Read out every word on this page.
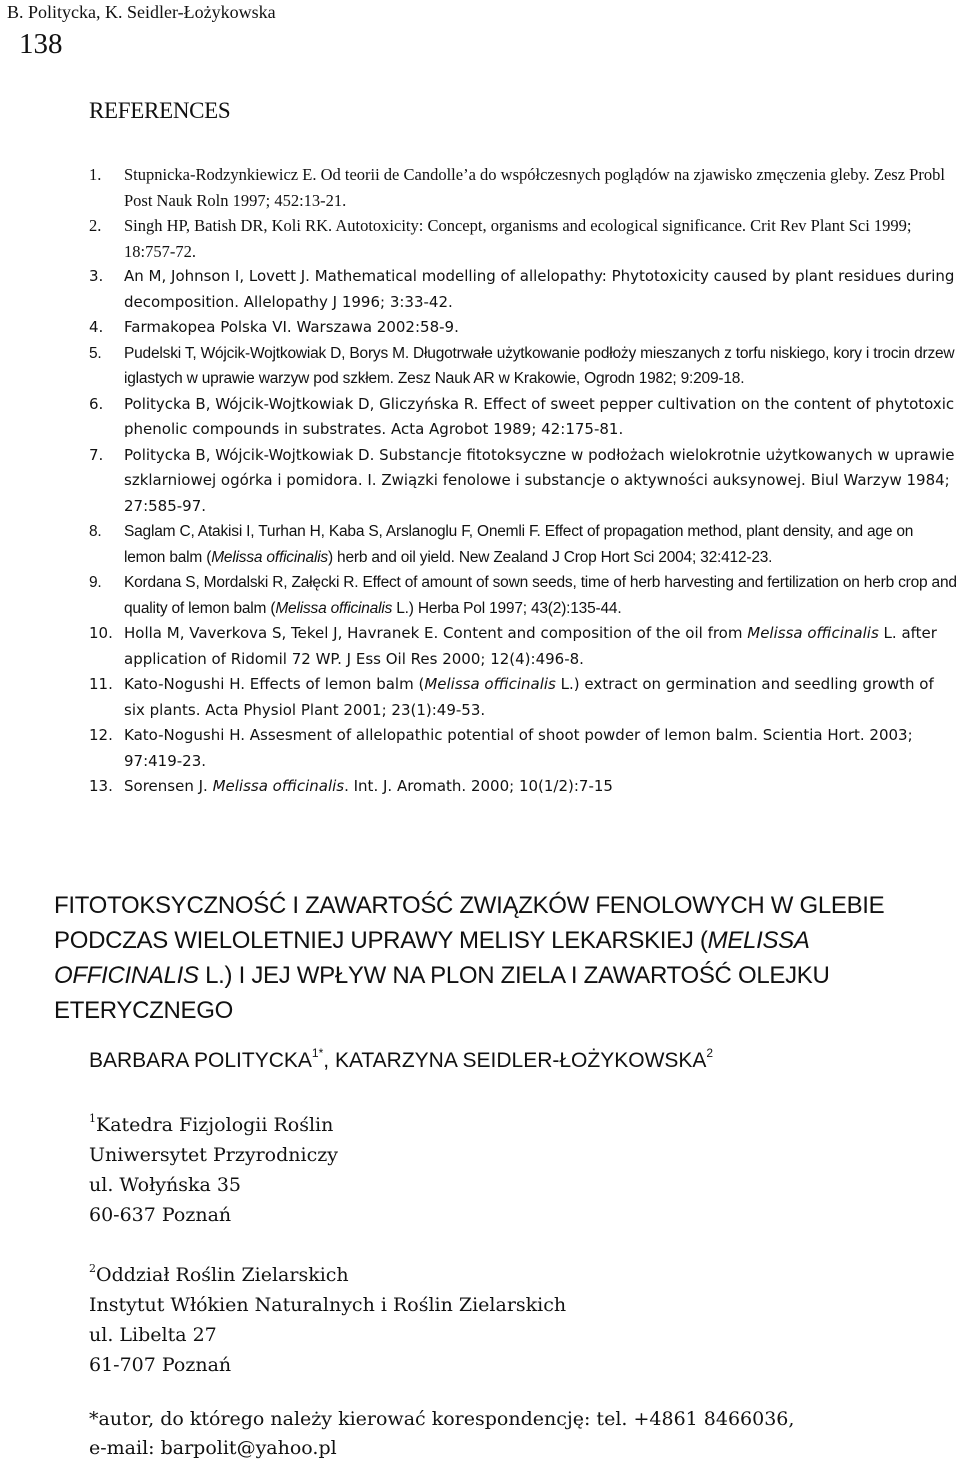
B. Politycka, K. Seidler-Łożykowska
138
REFERENCES
1. Stupnicka-Rodzynkiewicz E. Od teorii de Candolle’a do współczesnych poglądów na zjawisko zmęczenia gleby. Zesz Probl Post Nauk Roln 1997; 452:13-21.
2. Singh HP, Batish DR, Koli RK. Autotoxicity: Concept, organisms and ecological significance. Crit Rev Plant Sci 1999; 18:757-72.
3. An M, Johnson I, Lovett J. Mathematical modelling of allelopathy: Phytotoxicity caused by plant residues during decomposition. Allelopathy J 1996; 3:33-42.
4. Farmakopea Polska VI. Warszawa 2002:58-9.
5. Pudelski T, Wójcik-Wojtkowiak D, Borys M. Długotrwałe użytkowanie podłoży mieszanych z torfu niskiego, kory i trocin drzew iglastych w uprawie warzyw pod szkłem. Zesz Nauk AR w Krakowie, Ogrodn 1982; 9:209-18.
6. Politycka B, Wójcik-Wojtkowiak D, Gliczyńska R. Effect of sweet pepper cultivation on the content of phytotoxic phenolic compounds in substrates. Acta Agrobot 1989; 42:175-81.
7. Politycka B, Wójcik-Wojtkowiak D. Substancje fitotoksyczne w podłożach wielokrotnie użytkowanych w uprawie szklarniowej ogórka i pomidora. I. Związki fenolowe i substancje o aktywności auksynowej. Biul Warzyw 1984; 27:585-97.
8. Saglam C, Atakisi I, Turhan H, Kaba S, Arslanoglu F, Onemli F. Effect of propagation method, plant density, and age on lemon balm (Melissa officinalis) herb and oil yield. New Zealand J Crop Hort Sci 2004; 32:412-23.
9. Kordana S, Mordalski R, Załęcki R. Effect of amount of sown seeds, time of herb harvesting and fertilization on herb crop and quality of lemon balm (Melissa officinalis L.) Herba Pol 1997; 43(2):135-44.
10. Holla M, Vaverkova S, Tekel J, Havranek E. Content and composition of the oil from Melissa officinalis L. after application of Ridomil 72 WP. J Ess Oil Res 2000; 12(4):496-8.
11. Kato-Nogushi H. Effects of lemon balm (Melissa officinalis L.) extract on germination and seedling growth of six plants. Acta Physiol Plant 2001; 23(1):49-53.
12. Kato-Nogushi H. Assesment of allelopathic potential of shoot powder of lemon balm. Scientia Hort. 2003; 97:419-23.
13. Sorensen J. Melissa officinalis. Int. J. Aromath. 2000; 10(1/2):7-15
FITOTOKSYCZNOŚĆ I ZAWARTOŚĆ ZWIĄZKÓW FENOLOWYCH W GLEBIE PODCZAS WIELOLETNIEJ UPRAWY MELISY LEKARSKIEJ (MELISSA OFFICINALIS L.) I JEJ WPŁYW NA PLON ZIELA I ZAWARTOŚĆ OLEJKU ETERYCZNEGO
BARBARA $POLITYCKA^{1*}$, KATARZYNA SEIDLER-ŁOŻYKOWSKA$^2$
$^1$Katedra Fizjologii Roślin
Uniwersytet Przyrodniczy
ul. Wołyńska 35
60-637 Poznań
$^2$Oddział Roślin Zielarskich
Instytut Włókien Naturalnych i Roślin Zielarskich
ul. Libelta 27
61-707 Poznań
*autor, do którego należy kierować korespondencję: tel. +4861 8466036,
e-mail: barpolit@yahoo.pl
